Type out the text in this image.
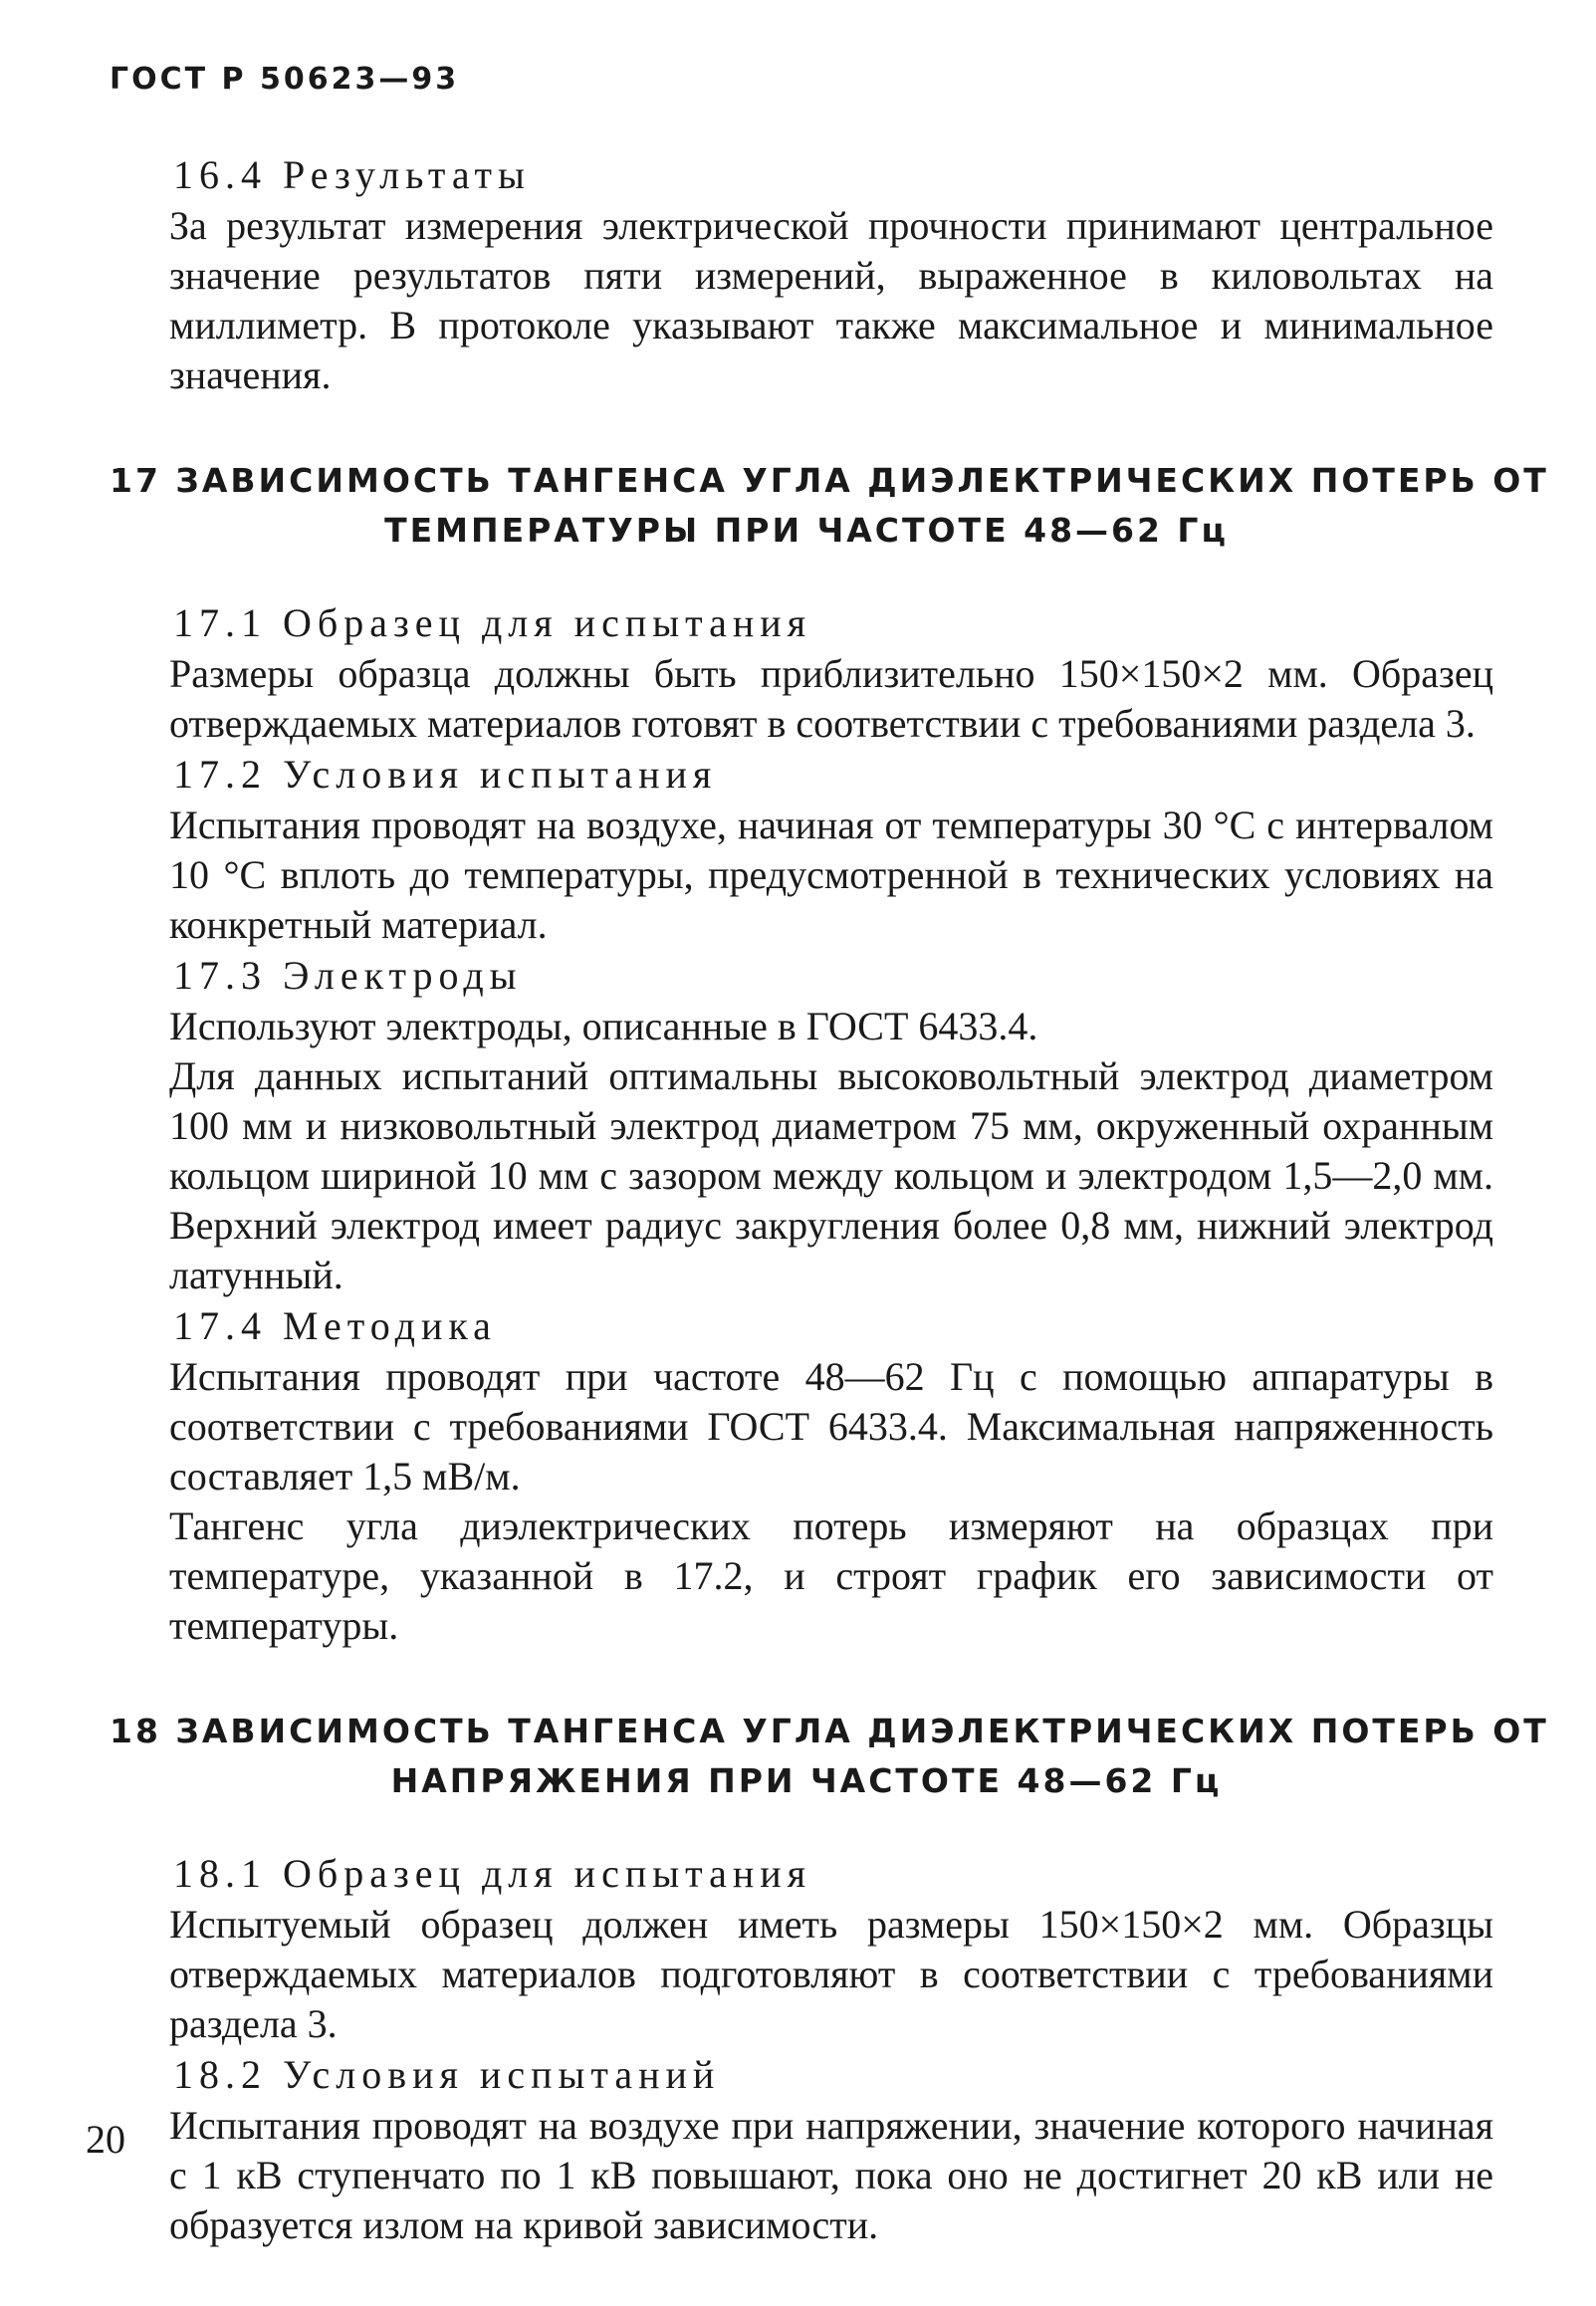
ГОСТ Р 50623—93
16.4 Результаты

За результат измерения электрической прочности принимают центральное значение результатов пяти измерений, выраженное в киловольтах на миллиметр. В протоколе указывают также максимальное и минимальное значения.

17 ЗАВИСИМОСТЬ ТАНГЕНСА УГЛА ДИЭЛЕКТРИЧЕСКИХ ПОТЕРЬ ОТ
ТЕМПЕРАТУРЫ ПРИ ЧАСТОТЕ 48—62 Гц
17.1 Образец для испытания

Размеры образца должны быть приблизительно 150×150×2 мм. Образец отверждаемых материалов готовят в соответствии с требованиями раздела 3.

17.2 Условия испытания

Испытания проводят на воздухе, начиная от температуры 30 °С с интервалом 10 °С вплоть до температуры, предусмотренной в технических условиях на конкретный материал.

17.3 Электроды

Используют электроды, описанные в ГОСТ 6433.4.

Для данных испытаний оптимальны высоковольтный электрод диаметром 100 мм и низковольтный электрод диаметром 75 мм, окруженный охранным кольцом шириной 10 мм с зазором между кольцом и электродом 1,5—2,0 мм. Верхний электрод имеет радиус закругления более 0,8 мм, нижний электрод латунный.

17.4 Методика

Испытания проводят при частоте 48—62 Гц с помощью аппаратуры в соответствии с требованиями ГОСТ 6433.4. Максимальная напряженность составляет 1,5 мВ/м.

Тангенс угла диэлектрических потерь измеряют на образцах при температуре, указанной в 17.2, и строят график его зависимости от температуры.

18 ЗАВИСИМОСТЬ ТАНГЕНСА УГЛА ДИЭЛЕКТРИЧЕСКИХ ПОТЕРЬ ОТ
НАПРЯЖЕНИЯ ПРИ ЧАСТОТЕ 48—62 Гц
18.1 Образец для испытания

Испытуемый образец должен иметь размеры 150×150×2 мм. Образцы отверждаемых материалов подготовляют в соответствии с требованиями раздела 3.

18.2 Условия испытаний

Испытания проводят на воздухе при напряжении, значение которого начиная с 1 кВ ступенчато по 1 кВ повышают, пока оно не достигнет 20 кВ или не образуется излом на кривой зависимости.

20
